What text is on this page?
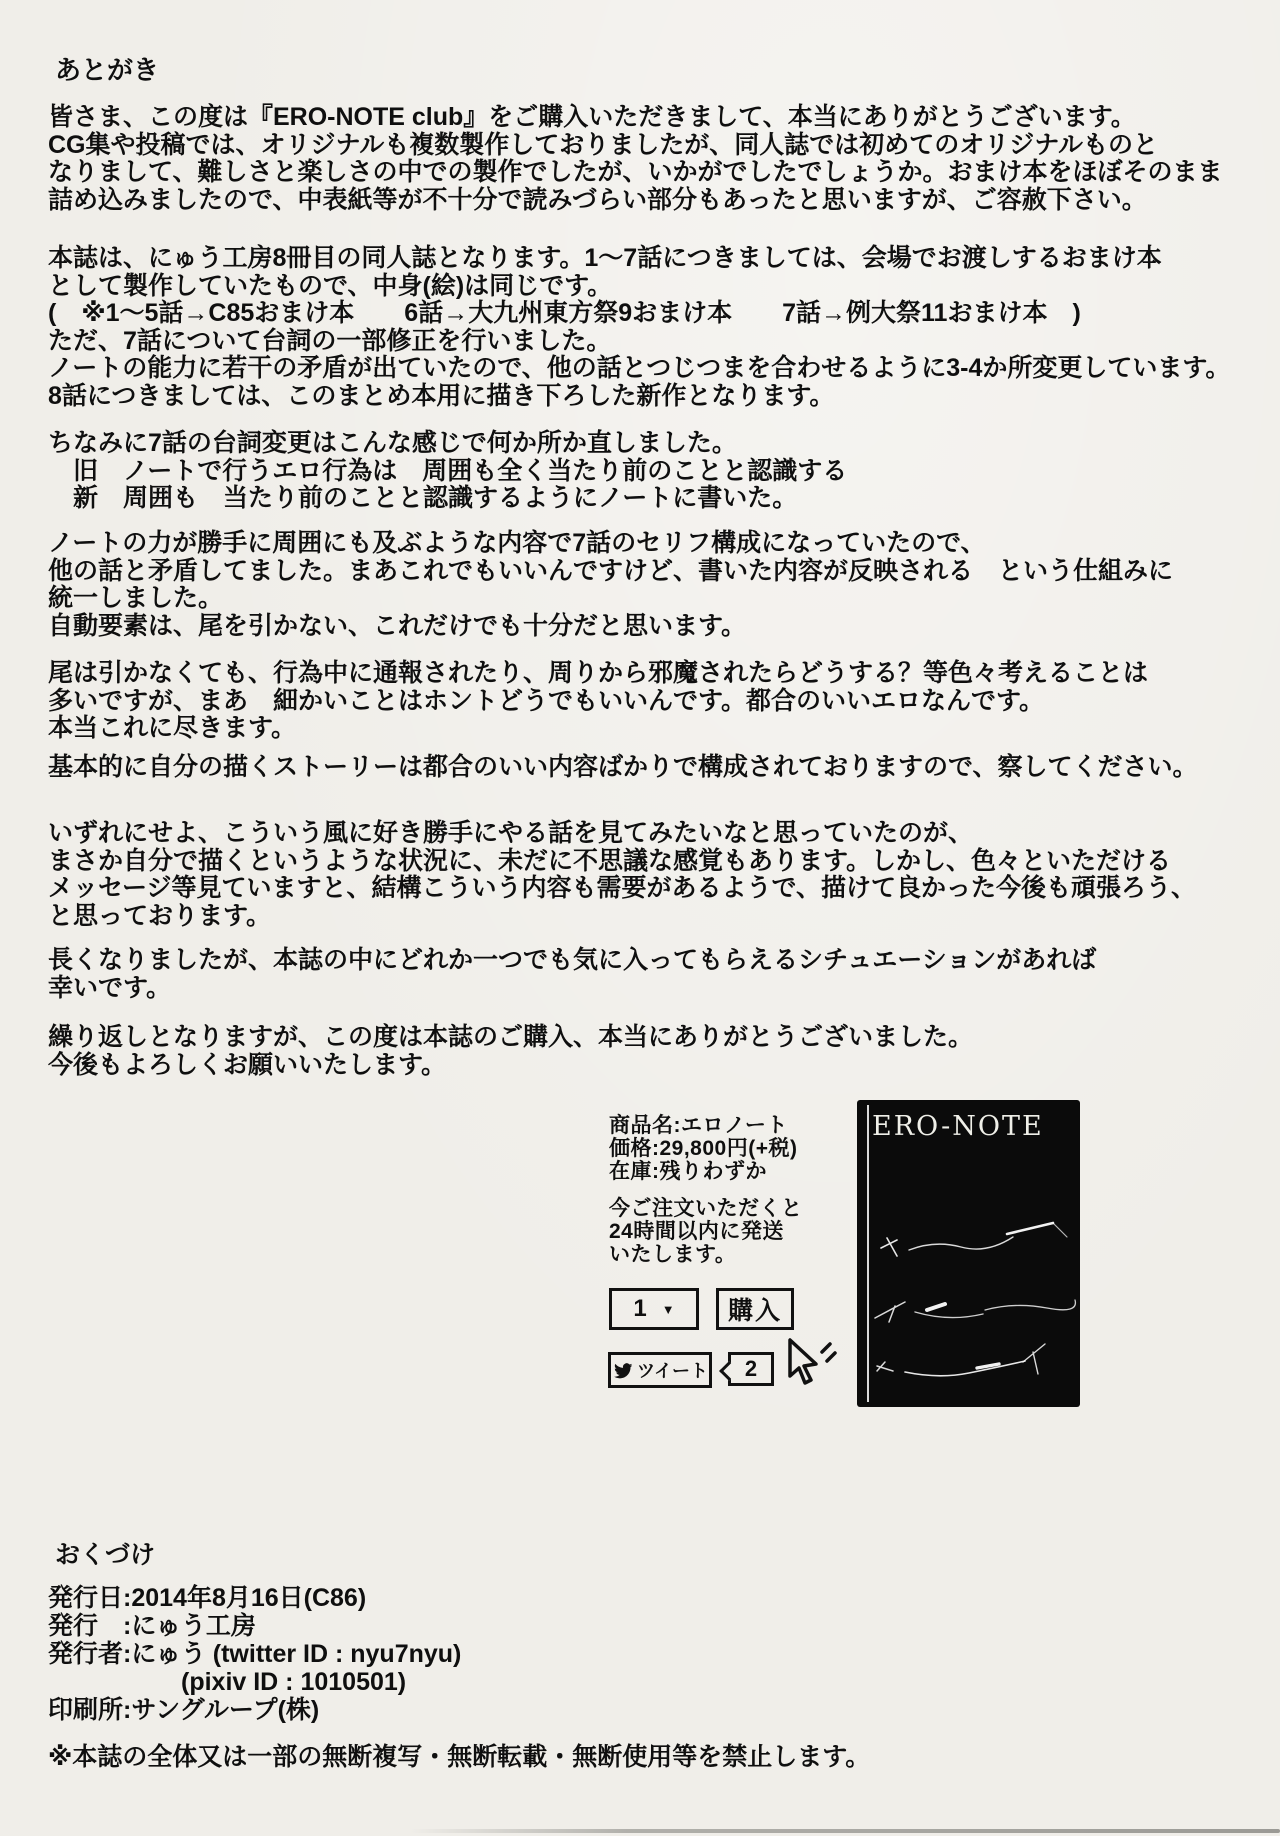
あとがき
皆さま、この度は『ERO-NOTE club』をご購入いただきまして、本当にありがとうございます。
CG集や投稿では、オリジナルも複数製作しておりましたが、同人誌では初めてのオリジナルものと
なりまして、難しさと楽しさの中での製作でしたが、いかがでしたでしょうか。おまけ本をほぼそのまま
詰め込みましたので、中表紙等が不十分で読みづらい部分もあったと思いますが、ご容赦下さい。
本誌は、にゅう工房8冊目の同人誌となります。1〜7話につきましては、会場でお渡しするおまけ本
として製作していたもので、中身(絵)は同じです。
(　※1〜5話→C85おまけ本　　6話→大九州東方祭9おまけ本　　7話→例大祭11おまけ本　)
ただ、7話について台詞の一部修正を行いました。
ノートの能力に若干の矛盾が出ていたので、他の話とつじつまを合わせるように3-4か所変更しています。
8話につきましては、このまとめ本用に描き下ろした新作となります。
ちなみに7話の台詞変更はこんな感じで何か所か直しました。
　旧　ノートで行うエロ行為は　周囲も全く当たり前のことと認識する
　新　周囲も　当たり前のことと認識するようにノートに書いた。
ノートの力が勝手に周囲にも及ぶような内容で7話のセリフ構成になっていたので、
他の話と矛盾してました。まあこれでもいいんですけど、書いた内容が反映される　という仕組みに
統一しました。
自動要素は、尾を引かない、これだけでも十分だと思います。
尾は引かなくても、行為中に通報されたり、周りから邪魔されたらどうする？等色々考えることは
多いですが、まあ　細かいことはホントどうでもいいんです。都合のいいエロなんです。
本当これに尽きます。
基本的に自分の描くストーリーは都合のいい内容ばかりで構成されておりますので、察してください。
いずれにせよ、こういう風に好き勝手にやる話を見てみたいなと思っていたのが、
まさか自分で描くというような状況に、未だに不思議な感覚もあります。しかし、色々といただける
メッセージ等見ていますと、結構こういう内容も需要があるようで、描けて良かった今後も頑張ろう、
と思っております。
長くなりましたが、本誌の中にどれか一つでも気に入ってもらえるシチュエーションがあれば
幸いです。
繰り返しとなりますが、この度は本誌のご購入、本当にありがとうございました。
今後もよろしくお願いいたします。
商品名:エロノート
価格:29,800円(+税)
在庫:残りわずか
今ご注文いただくと
24時間以内に発送
いたします。
1 ▼	購入
ツイート 2
ERO-NOTE
おくづけ
発行日:2014年8月16日(C86)
発行　:にゅう工房
発行者:にゅう (twitter ID : nyu7nyu)
(pixiv ID : 1010501)
印刷所:サングループ(株)
※本誌の全体又は一部の無断複写・無断転載・無断使用等を禁止します。
